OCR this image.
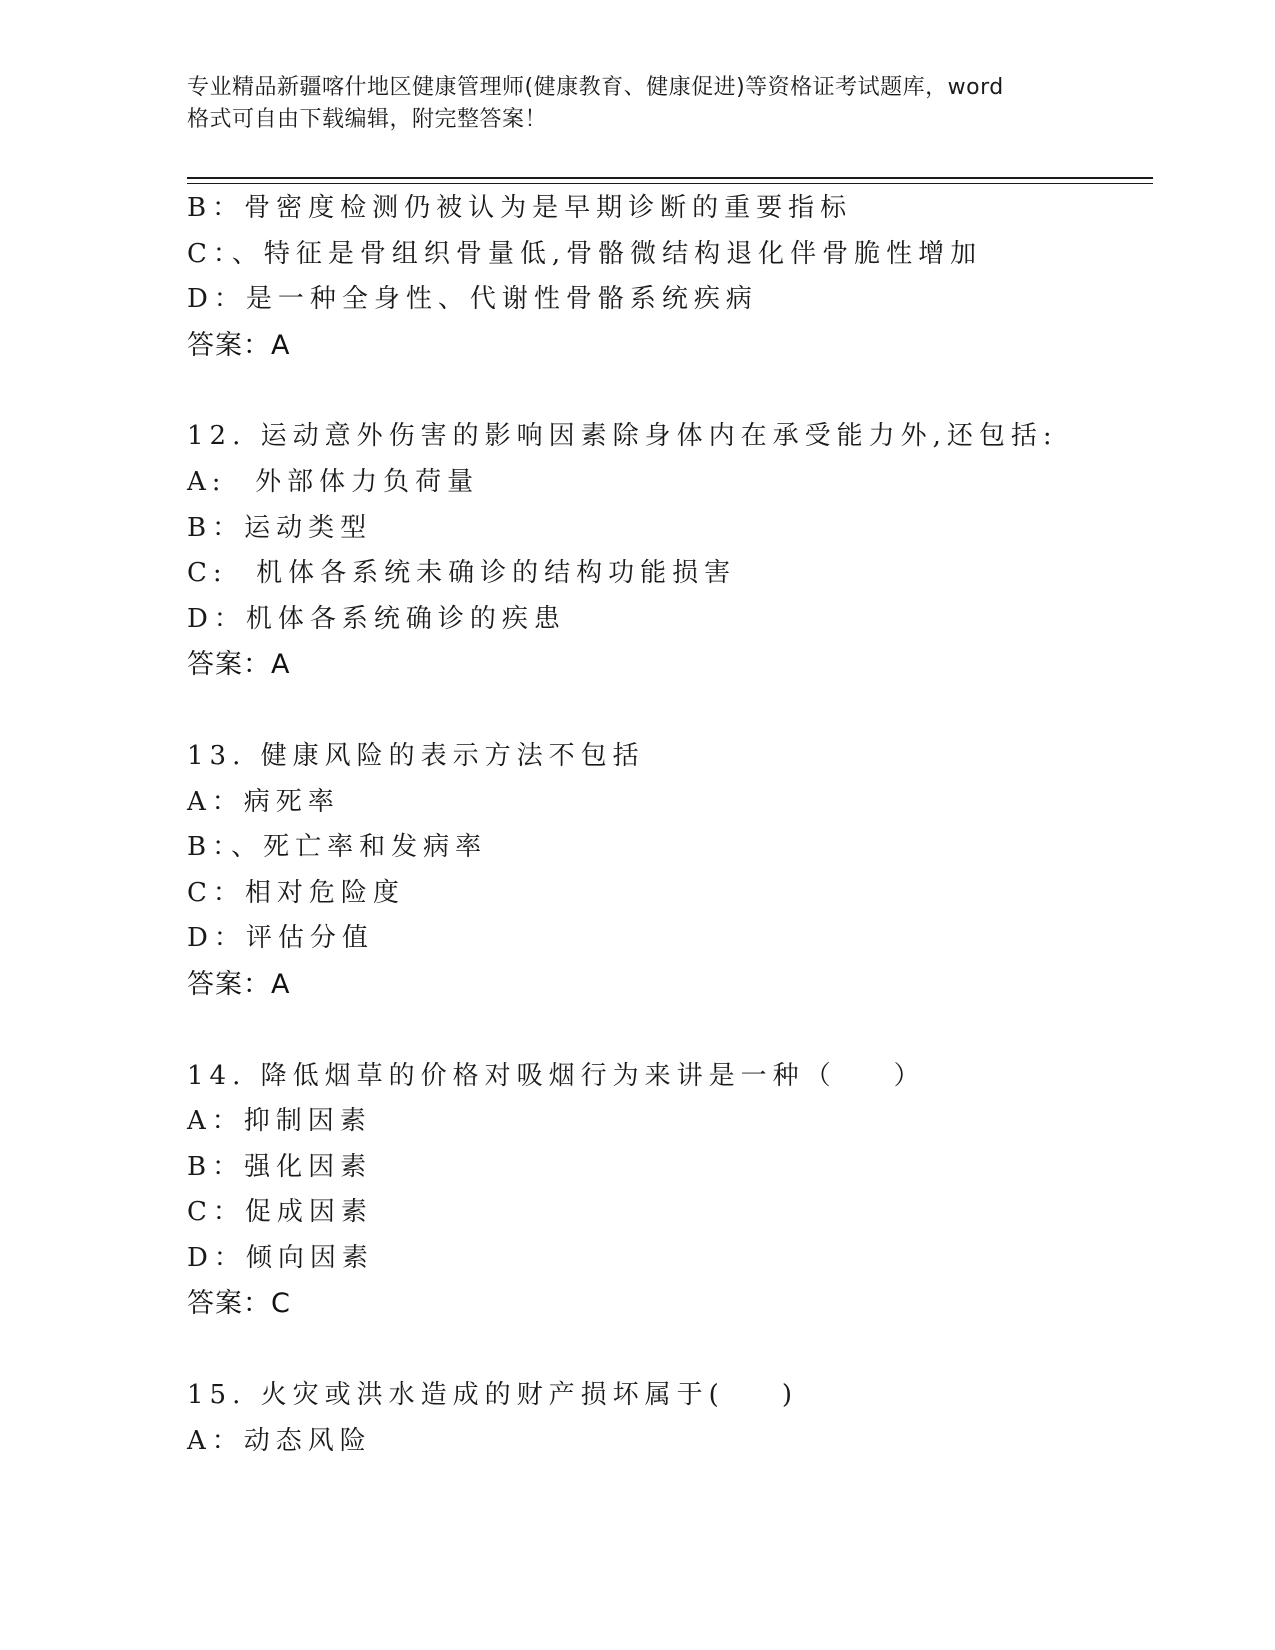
专业精品新疆喀什地区健康管理师(健康教育、健康促进)等资格证考试题库，word
格式可自由下载编辑，附完整答案！
B：骨密度检测仍被认为是早期诊断的重要指标
C：、特征是骨组织骨量低,骨骼微结构退化伴骨脆性增加
D：是一种全身性、代谢性骨骼系统疾病
答案：A
12. 运动意外伤害的影响因素除身体内在承受能力外,还包括:
A:  外部体力负荷量
B：运动类型
C:  机体各系统未确诊的结构功能损害
D：机体各系统确诊的疾患
答案：A
13. 健康风险的表示方法不包括
A：病死率
B：、死亡率和发病率
C：相对危险度
D：评估分值
答案：A
14. 降低烟草的价格对吸烟行为来讲是一种（    ）
A：抑制因素
B：强化因素
C：促成因素
D：倾向因素
答案：C
15. 火灾或洪水造成的财产损坏属于(    )
A：动态风险
